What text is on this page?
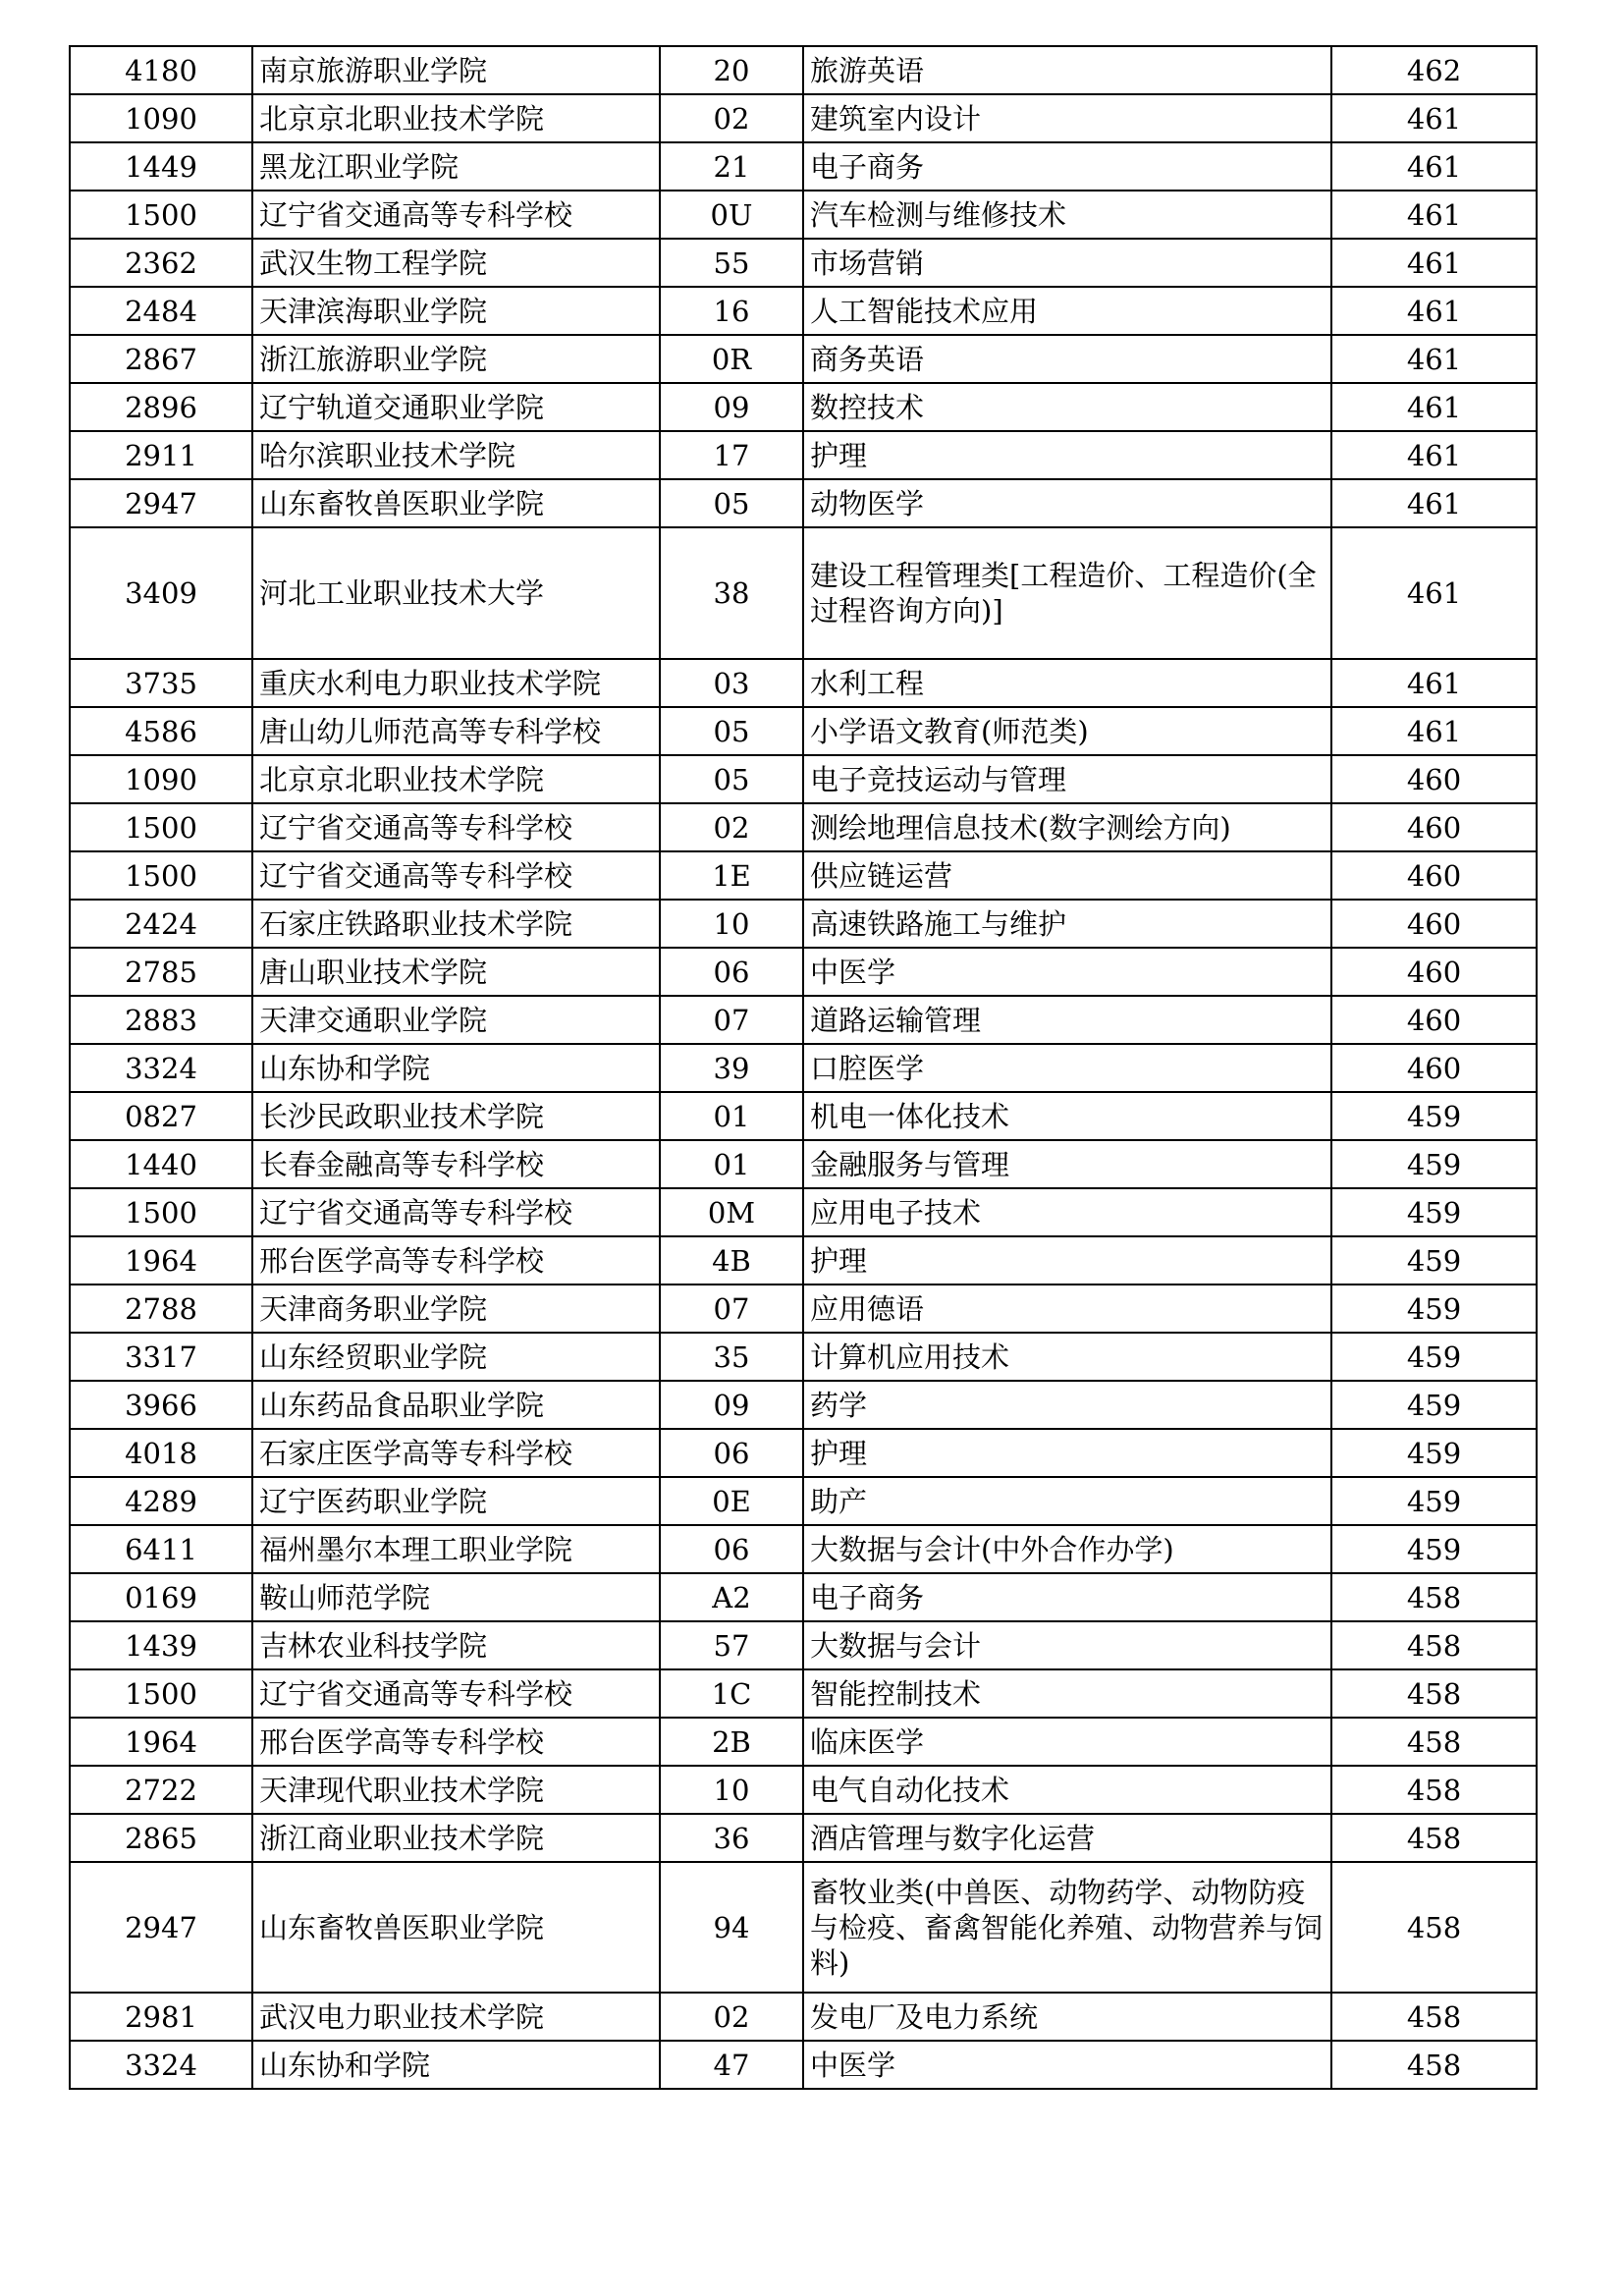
4180	南京旅游职业学院	20	旅游英语	462
1090	北京京北职业技术学院	02	建筑室内设计	461
1449	黑龙江职业学院	21	电子商务	461
1500	辽宁省交通高等专科学校	0U	汽车检测与维修技术	461
2362	武汉生物工程学院	55	市场营销	461
2484	天津滨海职业学院	16	人工智能技术应用	461
2867	浙江旅游职业学院	0R	商务英语	461
2896	辽宁轨道交通职业学院	09	数控技术	461
2911	哈尔滨职业技术学院	17	护理	461
2947	山东畜牧兽医职业学院	05	动物医学	461
3409	河北工业职业技术大学	38	建设工程管理类[工程造价、工程造价(全过程咨询方向)]	461
3735	重庆水利电力职业技术学院	03	水利工程	461
4586	唐山幼儿师范高等专科学校	05	小学语文教育(师范类)	461
1090	北京京北职业技术学院	05	电子竞技运动与管理	460
1500	辽宁省交通高等专科学校	02	测绘地理信息技术(数字测绘方向)	460
1500	辽宁省交通高等专科学校	1E	供应链运营	460
2424	石家庄铁路职业技术学院	10	高速铁路施工与维护	460
2785	唐山职业技术学院	06	中医学	460
2883	天津交通职业学院	07	道路运输管理	460
3324	山东协和学院	39	口腔医学	460
0827	长沙民政职业技术学院	01	机电一体化技术	459
1440	长春金融高等专科学校	01	金融服务与管理	459
1500	辽宁省交通高等专科学校	0M	应用电子技术	459
1964	邢台医学高等专科学校	4B	护理	459
2788	天津商务职业学院	07	应用德语	459
3317	山东经贸职业学院	35	计算机应用技术	459
3966	山东药品食品职业学院	09	药学	459
4018	石家庄医学高等专科学校	06	护理	459
4289	辽宁医药职业学院	0E	助产	459
6411	福州墨尔本理工职业学院	06	大数据与会计(中外合作办学)	459
0169	鞍山师范学院	A2	电子商务	458
1439	吉林农业科技学院	57	大数据与会计	458
1500	辽宁省交通高等专科学校	1C	智能控制技术	458
1964	邢台医学高等专科学校	2B	临床医学	458
2722	天津现代职业技术学院	10	电气自动化技术	458
2865	浙江商业职业技术学院	36	酒店管理与数字化运营	458
2947	山东畜牧兽医职业学院	94	畜牧业类(中兽医、动物药学、动物防疫与检疫、畜禽智能化养殖、动物营养与饲料)	458
2981	武汉电力职业技术学院	02	发电厂及电力系统	458
3324	山东协和学院	47	中医学	458
